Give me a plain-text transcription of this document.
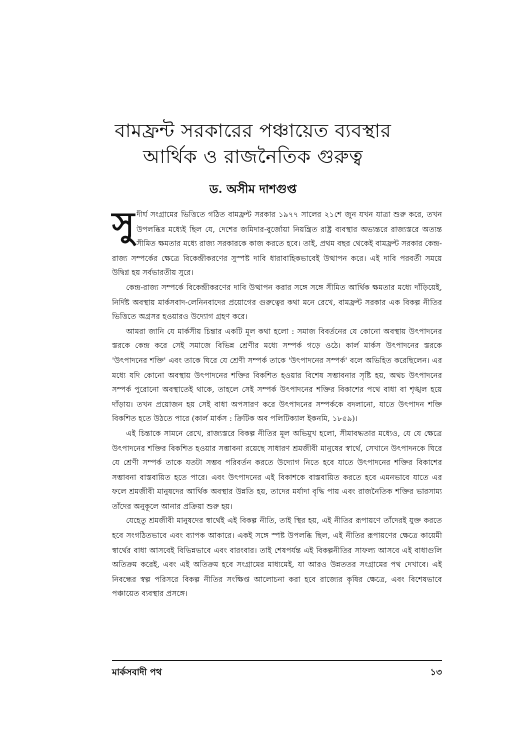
বামফ্রন্ট সরকারের পঞ্চায়েত ব্যবস্থার
আর্থিক ও রাজনৈতিক গুরুত্ব
ড. অসীম দাশগুপ্ত

সুদীর্ঘ সংগ্রামের ভিত্তিতে গঠিত বামফ্রন্ট সরকার ১৯৭৭ সালের ২১শে জুন যখন যাত্রা শুরু করে, তখন উপলব্ধির মধ্যেই ছিল যে, দেশের জমিদার-বুর্জোয়া নিয়ন্ত্রিত রাষ্ট্র ব্যবস্থার অভ্যন্তরে রাজ্যস্তরে অত্যন্ত সীমিত ক্ষমতার মধ্যে রাজ্য সরকারকে কাজ করতে হবে। তাই, প্রথম বছর থেকেই বামফ্রন্ট সরকার কেন্দ্র-রাজ্য সম্পর্কের ক্ষেত্রে বিকেন্দ্রীকরণের সুস্পষ্ট দাবি ধারাবাহিকভাবেই উত্থাপন করে। এই দাবি পরবর্তী সময়ে উদ্বিগ্ন হয় সর্বভারতীয় সুরে।

কেন্দ্র-রাজ্য সম্পর্কে বিকেন্দ্রীকরণের দাবি উত্থাপন করার সঙ্গে সঙ্গে সীমিত আর্থিক ক্ষমতার মধ্যে দাঁড়িয়েই, নির্দিষ্ট অবস্থায় মার্কসবাদ-লেনিনবাদের প্রয়োগের গুরুত্বের কথা মনে রেখে, বামফ্রন্ট সরকার এক বিকল্প নীতির ভিত্তিতে অগ্রসর হওয়ারও উদ্যোগ গ্রহণ করে।

আমরা জানি যে মার্কসীয় চিন্তার একটি মূল কথা হলো : সমাজ বিবর্তনের যে কোনো অবস্থায় উৎপাদনের স্তরকে কেন্দ্র করে সেই সমাজে বিভিন্ন শ্রেণীর মধ্যে সম্পর্ক গড়ে ওঠে। কার্ল মার্কস উৎপাদনের স্তরকে 'উৎপাদনের শক্তি' এবং তাকে ঘিরে যে শ্রেণী সম্পর্ক তাকে 'উৎপাদনের সম্পর্ক' বলে অভিহিত করেছিলেন। এর মধ্যে যদি কোনো অবস্থায় উৎপাদনের শক্তির বিকশিত হওয়ার বিশেষ সম্ভাবনার সৃষ্টি হয়, অথচ উৎপাদনের সম্পর্ক পুরোনো অবস্থাতেই থাকে, তাহলে সেই সম্পর্ক উৎপাদনের শক্তির বিকাশের পথে বাধা বা শৃঙ্খল হয়ে দাঁড়ায়। তখন প্রয়োজন হয় সেই বাধা অপসারণ করে উৎপাদনের সম্পর্ককে বদলানো, যাতে উৎপাদন শক্তি বিকশিত হতে উঠতে পারে (কার্ল মার্কস : ক্রিটিক অব পলিটিক্যাল ইকনমি, ১৮৫৯)।

এই চিন্তাকে সামনে রেখে, রাজ্যস্তরে বিকল্প নীতির মূল অভিমুখ হলো, সীমাবদ্ধতার মধ্যেও, যে যে ক্ষেত্রে উৎপাদনের শক্তির বিকশিত হওয়ার সম্ভাবনা রয়েছে সাধারণ শ্রমজীবী মানুষের স্বার্থে, সেখানে উৎপাদনকে ঘিরে যে শ্রেণী সম্পর্ক তাকে যতটা সম্ভব পরিবর্তন করতে উদ্যোগ নিতে হবে যাতে উৎপাদনের শক্তির বিকাশের সম্ভাবনা বাস্তবায়িত হতে পারে। এবং উৎপাদনের এই বিকাশকে বাস্তবায়িত করতে হবে এমনভাবে যাতে এর ফলে শ্রমজীবী মানুষদের আর্থিক অবস্থার উন্নতি হয়, তাদের মর্যাদা বৃদ্ধি পায় এবং রাজনৈতিক শক্তির ভারসাম্য তাঁদের অনুকূলে আনার প্রক্রিয়া শুরু হয়।

যেহেতু শ্রমজীবী মানুষদের স্বার্থেই এই বিকল্প নীতি, তাই স্থির হয়, এই নীতির রূপায়ণে তাঁদেরই যুক্ত করতে হবে সংগঠিতভাবে এবং ব্যাপক আকারে। একই সঙ্গে স্পষ্ট উপলব্ধি ছিল, এই নীতির রূপায়ণের ক্ষেত্রে কায়েমী স্বার্থের বাধা আসবেই বিভিন্নভাবে এবং বারংবার। তাই শেষপর্যন্ত এই বিকল্পনীতির সাফল্য আসবে এই বাধাগুলি অতিক্রম করেই, এবং এই অতিক্রম হবে সংগ্রামের মাধ্যমেই, যা আরও উন্নততর সংগ্রামের পথ দেখাবে। এই নিবন্ধের স্বল্প পরিসরে বিকল্প নীতির সংক্ষিপ্ত আলোচনা করা হবে রাজ্যের কৃষির ক্ষেত্রে, এবং বিশেষভাবে পঞ্চায়েত ব্যবস্থার প্রসঙ্গে।

মার্কসবাদী পথ	১৩
